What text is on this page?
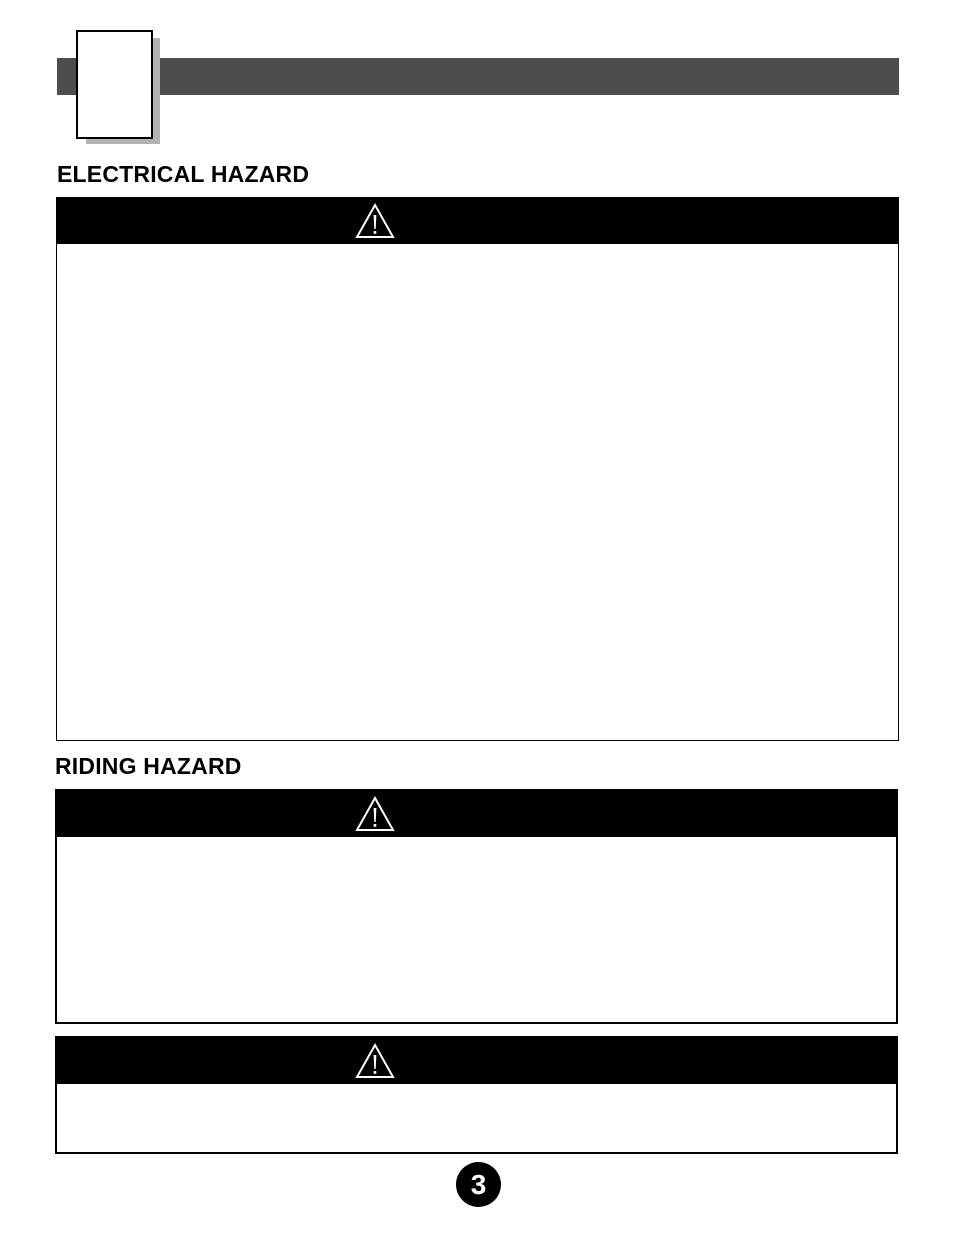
ELECTRICAL HAZARD
RIDING HAZARD
3
